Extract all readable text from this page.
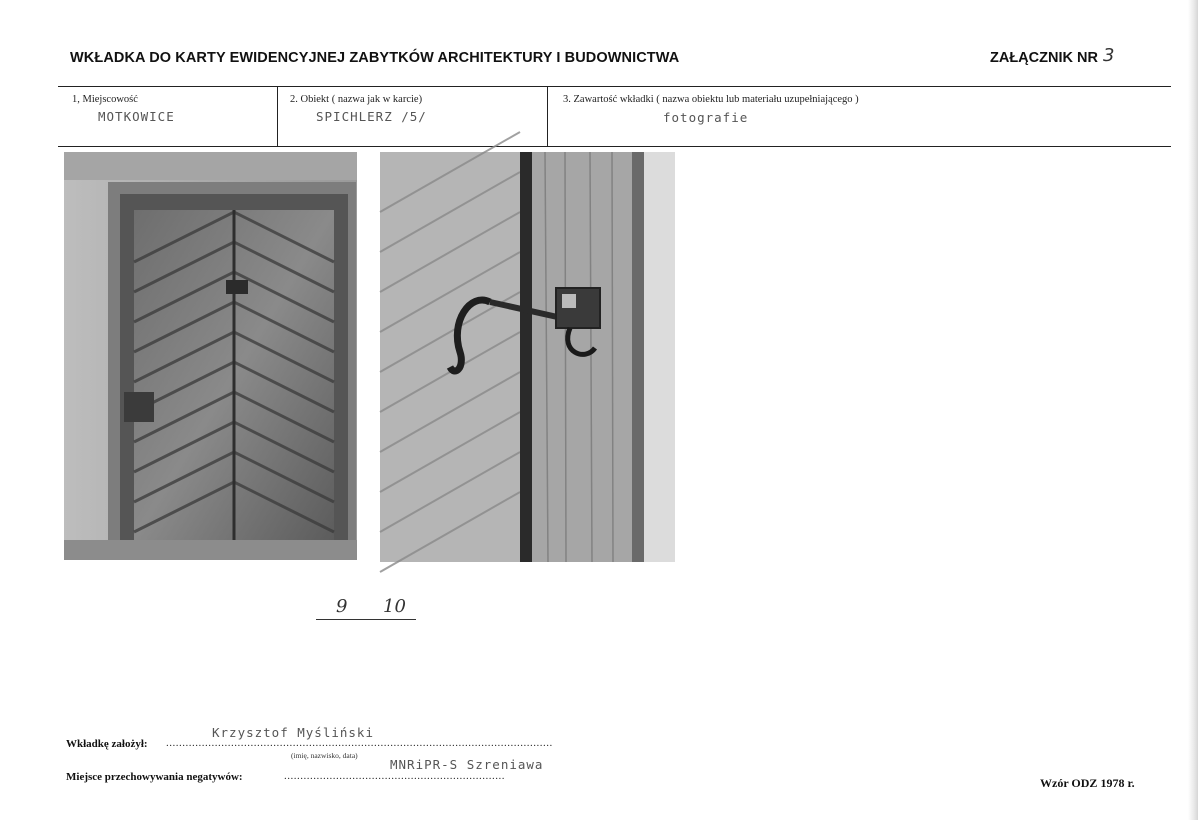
WKŁADKA DO KARTY EWIDENCYJNEJ ZABYTKÓW ARCHITEKTURY I BUDOWNICTWA	ZAŁĄCZNIK NR 3
1, Miejscowość
MOTKOWICE
2. Obiekt ( nazwa jak w karcie)
SPICHLERZ /5/
3. Zawartość wkładki ( nazwa obiektu lub materiału uzupełniającego )
fotografie
9 10
Krzysztof Myśliński
Wkładkę założył: .......................................................................................................................
(imię, nazwisko, data)
MNRiPR-S Szreniawa
Miejsce przechowywania negatywów:	....................................................................	Wzór ODZ 1978 r.
